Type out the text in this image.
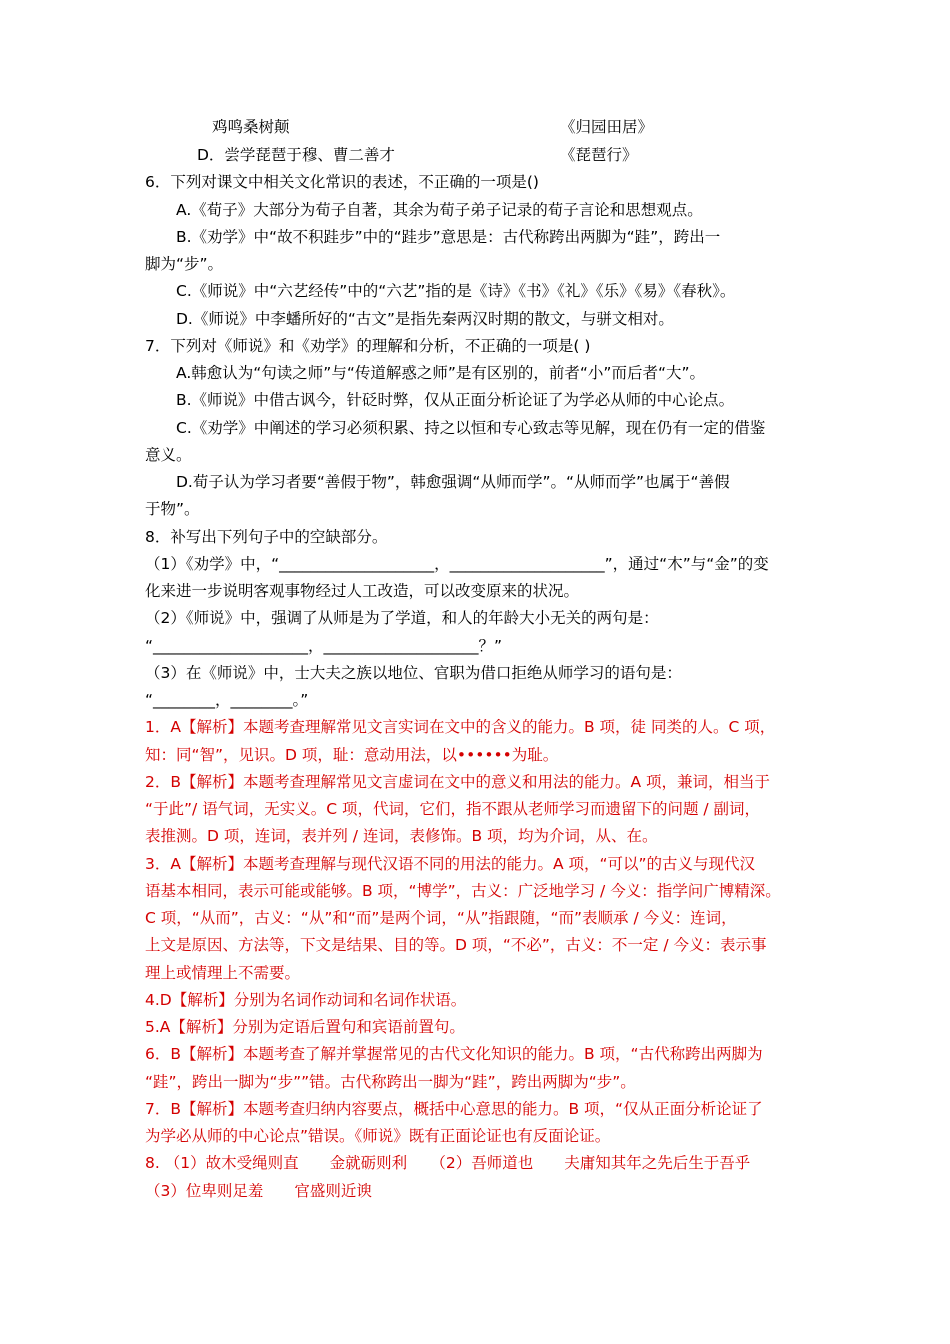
鸡鸣桑树颠	《归园田居》
D．尝学琵琶于穆、曹二善才	《琵琶行》
6．下列对课文中相关文化常识的表述，不正确的一项是()
A.《荀子》大部分为荀子自著，其余为荀子弟子记录的荀子言论和思想观点。
B.《劝学》中“故不积跬步”中的“跬步”意思是：古代称跨出两脚为“跬”，跨出一
脚为“步”。
C.《师说》中“六艺经传”中的“六艺”指的是《诗》《书》《礼》《乐》《易》《春秋》。
D.《师说》中李蟠所好的“古文”是指先秦两汉时期的散文，与骈文相对。
7．下列对《师说》和《劝学》的理解和分析，不正确的一项是( )
A.韩愈认为“句读之师”与“传道解惑之师”是有区别的，前者“小”而后者“大”。
B.《师说》中借古讽今，针砭时弊，仅从正面分析论证了为学必从师的中心论点。
C.《劝学》中阐述的学习必须积累、持之以恒和专心致志等见解，现在仍有一定的借鉴
意义。
D.荀子认为学习者要“善假于物”，韩愈强调“从师而学”。“从师而学”也属于“善假
于物”。
8．补写出下列句子中的空缺部分。
（1）《劝学》中，“____________________，____________________”，通过“木”与“金”的变
化来进一步说明客观事物经过人工改造，可以改变原来的状况。
（2）《师说》中，强调了从师是为了学道，和人的年龄大小无关的两句是：
“____________________，____________________？”
（3）在《师说》中，士大夫之族以地位、官职为借口拒绝从师学习的语句是：
“________，________。”
1．A【解析】本题考查理解常见文言实词在文中的含义的能力。B 项，徒 同类的人。C 项，
知：同“智”，见识。D 项，耻：意动用法，以••••••为耻。
2．B【解析】本题考查理解常见文言虚词在文中的意义和用法的能力。A 项，兼词，相当于
“于此”/ 语气词，无实义。C 项，代词，它们，指不跟从老师学习而遗留下的问题 / 副词，
表推测。D 项，连词，表并列 / 连词，表修饰。B 项，均为介词，从、在。
3．A【解析】本题考查理解与现代汉语不同的用法的能力。A 项，“可以”的古义与现代汉
语基本相同，表示可能或能够。B 项，“博学”，古义：广泛地学习 / 今义：指学问广博精深。
C 项，“从而”，古义：“从”和“而”是两个词，“从”指跟随，“而”表顺承 / 今义：连词，
上文是原因、方法等，下文是结果、目的等。D 项，“不必”，古义：不一定 / 今义：表示事
理上或情理上不需要。
4.D【解析】分别为名词作动词和名词作状语。
5.A【解析】分别为定语后置句和宾语前置句。
6．B【解析】本题考查了解并掌握常见的古代文化知识的能力。B 项，“古代称跨出两脚为
“跬”，跨出一脚为“步””错。古代称跨出一脚为“跬”，跨出两脚为“步”。
7．B【解析】本题考查归纳内容要点，概括中心意思的能力。B 项，“仅从正面分析论证了
为学必从师的中心论点”错误。《师说》既有正面论证也有反面论证。
8. （1）故木受绳则直　　金就砺则利　　（2）吾师道也　　夫庸知其年之先后生于吾乎
（3）位卑则足羞　　官盛则近谀
